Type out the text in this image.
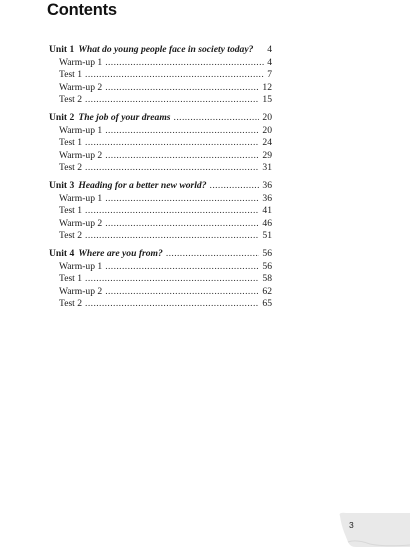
Contents
Unit 1 What do young people face in society today? 4
Warm-up 1 .....	4
Test 1 .....	7
Warm-up 2 .....	12
Test 2 .....	15
Unit 2 The job of your dreams .....	20
Warm-up 1 .....	20
Test 1 .....	24
Warm-up 2 .....	29
Test 2 .....	31
Unit 3 Heading for a better new world? .....	36
Warm-up 1 .....	36
Test 1 .....	41
Warm-up 2 .....	46
Test 2 .....	51
Unit 4 Where are you from? .....	56
Warm-up 1 .....	56
Test 1 .....	58
Warm-up 2 .....	62
Test 2 .....	65
3
